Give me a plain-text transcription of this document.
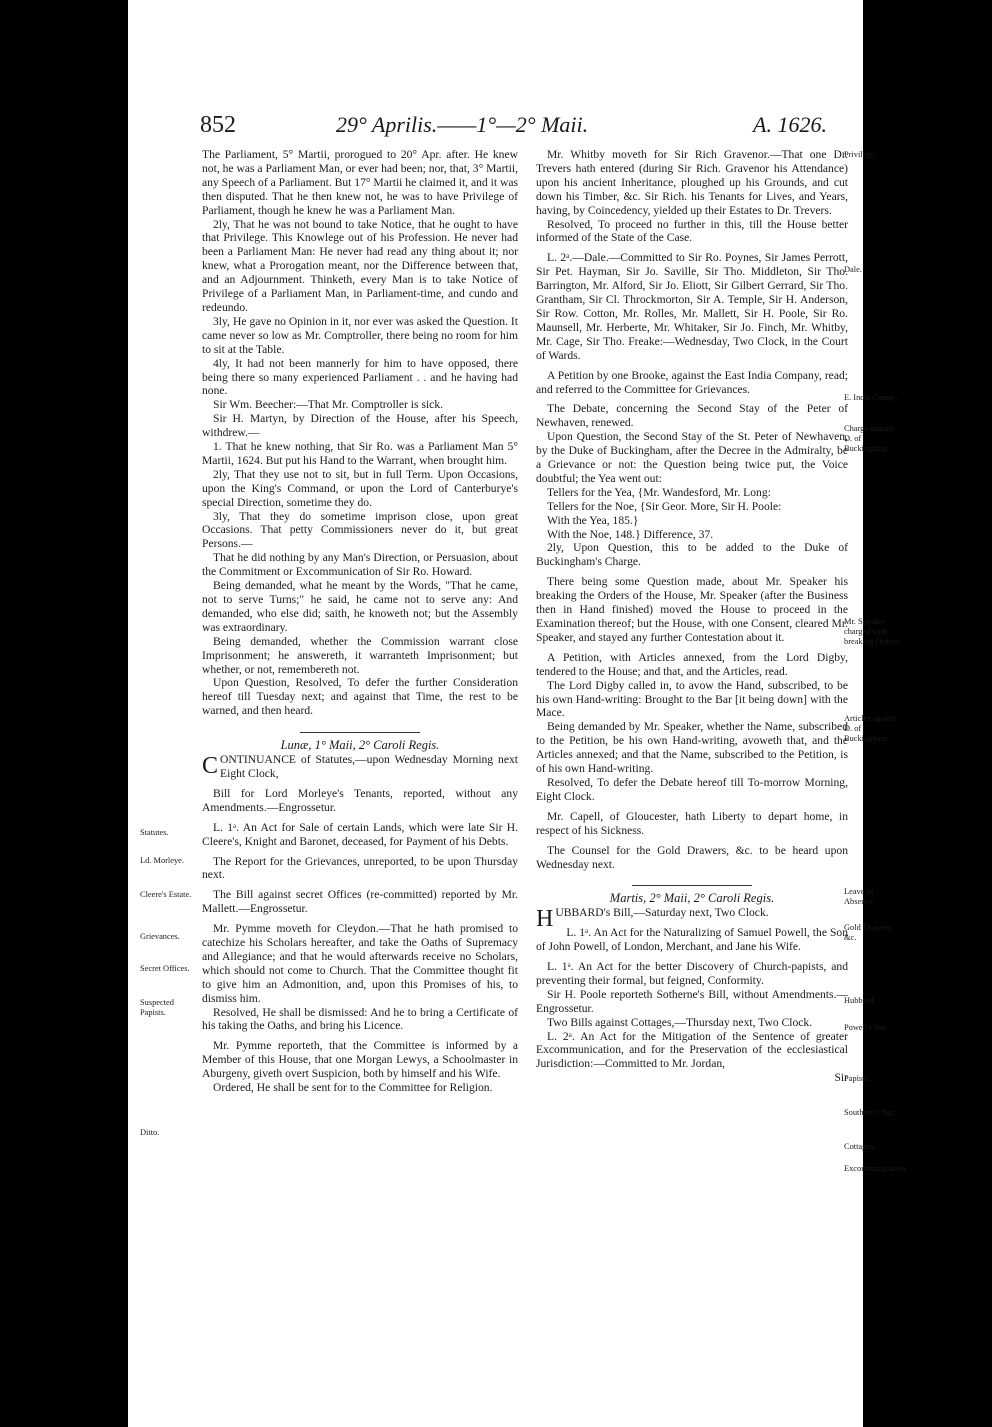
852	29° Aprilis.——1°—2° Maii.	A. 1626.
Statutes.
Ld. Morleye.
Cleere's Estate.
Grievances.
Secret Offices.
Suspected Papists.
Ditto.
Privilege.
Dale.
E. India Compʸ.
Charge against D. of Buckingham.
Mr. Speaker charged with breaking Orders.
Articles against D. of Buckingham.
Leave of Absence.
Gold Drawers, &c.
Hubbard.
Powell's Nat.
Papists.
Southern's Nat.
Cottages.
Excommunication.

The Parliament, 5° Martii, prorogued to 20° Apr. after. He knew not, he was a Parliament Man, or ever had been; nor, that, 3° Martii, any Speech of a Parliament. But 17° Martii he claimed it, and it was then disputed. That he then knew not, he was to have Privilege of Parliament, though he knew he was a Parliament Man.

2ly, That he was not bound to take Notice, that he ought to have that Privilege. This Knowlege out of his Profession. He never had been a Parliament Man: He never had read any thing about it; nor knew, what a Prorogation meant, nor the Difference between that, and an Adjournment. Thinketh, every Man is to take Notice of Privilege of a Parliament Man, in Parliament-time, and cundo and redeundo.

3ly, He gave no Opinion in it, nor ever was asked the Question. It came never so low as Mr. Comptroller, there being no room for him to sit at the Table.

4ly, It had not been mannerly for him to have opposed, there being there so many experienced Parliament . . and he having had none.

Sir Wm. Beecher:—That Mr. Comptroller is sick.

Sir H. Martyn, by Direction of the House, after his Speech, withdrew.—

1. That he knew nothing, that Sir Ro. was a Parliament Man 5° Martii, 1624. But put his Hand to the Warrant, when brought him.

2ly, That they use not to sit, but in full Term. Upon Occasions, upon the King's Command, or upon the Lord of Canterburye's special Direction, sometime they do.

3ly, That they do sometime imprison close, upon great Occasions. That petty Commissioners never do it, but great Persons.—

That he did nothing by any Man's Direction, or Persuasion, about the Commitment or Excommunication of Sir Ro. Howard.

Being demanded, what he meant by the Words, "That he came, not to serve Turns;" he said, he came not to serve any: And demanded, who else did; saith, he knoweth not; but the Assembly was extraordinary.

Being demanded, whether the Commission warrant close Imprisonment; he answereth, it warranteth Imprisonment; but whether, or not, remembereth not.

Upon Question, Resolved, To defer the further Consideration hereof till Tuesday next; and against that Time, the rest to be warned, and then heard.

Lunæ, 1° Maii, 2° Caroli Regis.

CONTINUANCE of Statutes,—upon Wednesday Morning next Eight Clock,

Bill for Lord Morleye's Tenants, reported, without any Amendments.—Engrossetur.

L. 1ᵃ. An Act for Sale of certain Lands, which were late Sir H. Cleere's, Knight and Baronet, deceased, for Payment of his Debts.

The Report for the Grievances, unreported, to be upon Thursday next.

The Bill against secret Offices (re-committed) reported by Mr. Mallett.—Engrossetur.

Mr. Pymme moveth for Cleydon.—That he hath promised to catechize his Scholars hereafter, and take the Oaths of Supremacy and Allegiance; and that he would afterwards receive no Scholars, which should not come to Church. That the Committee thought fit to give him an Admonition, and, upon this Promises of his, to dismiss him.

Resolved, He shall be dismissed: And he to bring a Certificate of his taking the Oaths, and bring his Licence.

Mr. Pymme reporteth, that the Committee is informed by a Member of this House, that one Morgan Lewys, a Schoolmaster in Aburgeny, giveth overt Suspicion, both by himself and his Wife.

Ordered, He shall be sent for to the Committee for Religion.

Mr. Whitby moveth for Sir Rich Gravenor.—That one Dr. Trevers hath entered (during Sir Rich. Gravenor his Attendance) upon his ancient Inheritance, ploughed up his Grounds, and cut down his Timber, &c. Sir Rich. his Tenants for Lives, and Years, having, by Coincedency, yielded up their Estates to Dr. Trevers.

Resolved, To proceed no further in this, till the House better informed of the State of the Case.

L. 2ᵃ.—Dale.—Committed to Sir Ro. Poynes, Sir James Perrott, Sir Pet. Hayman, Sir Jo. Saville, Sir Tho. Middleton, Sir Tho. Barrington, Mr. Alford, Sir Jo. Eliott, Sir Gilbert Gerrard, Sir Tho. Grantham, Sir Cl. Throckmorton, Sir A. Temple, Sir H. Anderson, Sir Row. Cotton, Mr. Rolles, Mr. Mallett, Sir H. Poole, Sir Ro. Maunsell, Mr. Herberte, Mr. Whitaker, Sir Jo. Finch, Mr. Whitby, Mr. Cage, Sir Tho. Freake:—Wednesday, Two Clock, in the Court of Wards.

A Petition by one Brooke, against the East India Company, read; and referred to the Committee for Grievances.

The Debate, concerning the Second Stay of the Peter of Newhaven, renewed.

Upon Question, the Second Stay of the St. Peter of Newhaven, by the Duke of Buckingham, after the Decree in the Admiralty, be a Grievance or not: the Question being twice put, the Voice doubtful; the Yea went out:

Tellers for the Yea, {Mr. Wandesford, Mr. Long:

Tellers for the Noe, {Sir Geor. More, Sir H. Poole:

With the Yea, 185.}

With the Noe, 148.} Difference, 37.

2ly, Upon Question, this to be added to the Duke of Buckingham's Charge.

There being some Question made, about Mr. Speaker his breaking the Orders of the House, Mr. Speaker (after the Business then in Hand finished) moved the House to proceed in the Examination thereof; but the House, with one Consent, cleared Mr. Speaker, and stayed any further Contestation about it.

A Petition, with Articles annexed, from the Lord Digby, tendered to the House; and that, and the Articles, read.

The Lord Digby called in, to avow the Hand, subscribed, to be his own Hand-writing: Brought to the Bar [it being down] with the Mace.

Being demanded by Mr. Speaker, whether the Name, subscribed to the Petition, be his own Hand-writing, avoweth that, and the Articles annexed; and that the Name, subscribed to the Petition, is of his own Hand-writing.

Resolved, To defer the Debate hereof till To-morrow Morning, Eight Clock.

Mr. Capell, of Gloucester, hath Liberty to depart home, in respect of his Sickness.

The Counsel for the Gold Drawers, &c. to be heard upon Wednesday next.

Martis, 2° Maii, 2° Caroli Regis.

HUBBARD's Bill,—Saturday next, Two Clock.

L. 1ᵃ. An Act for the Naturalizing of Samuel Powell, the Son of John Powell, of London, Merchant, and Jane his Wife.

L. 1ᵃ. An Act for the better Discovery of Church-papists, and preventing their formal, but feigned, Conformity.

Sir H. Poole reporteth Sotherne's Bill, without Amendments.—Engrossetur.

Two Bills against Cottages,—Thursday next, Two Clock.

L. 2ᵃ. An Act for the Mitigation of the Sentence of greater Excommunication, and for the Preservation of the ecclesiastical Jurisdiction:—Committed to Mr. Jordan,

Sir
